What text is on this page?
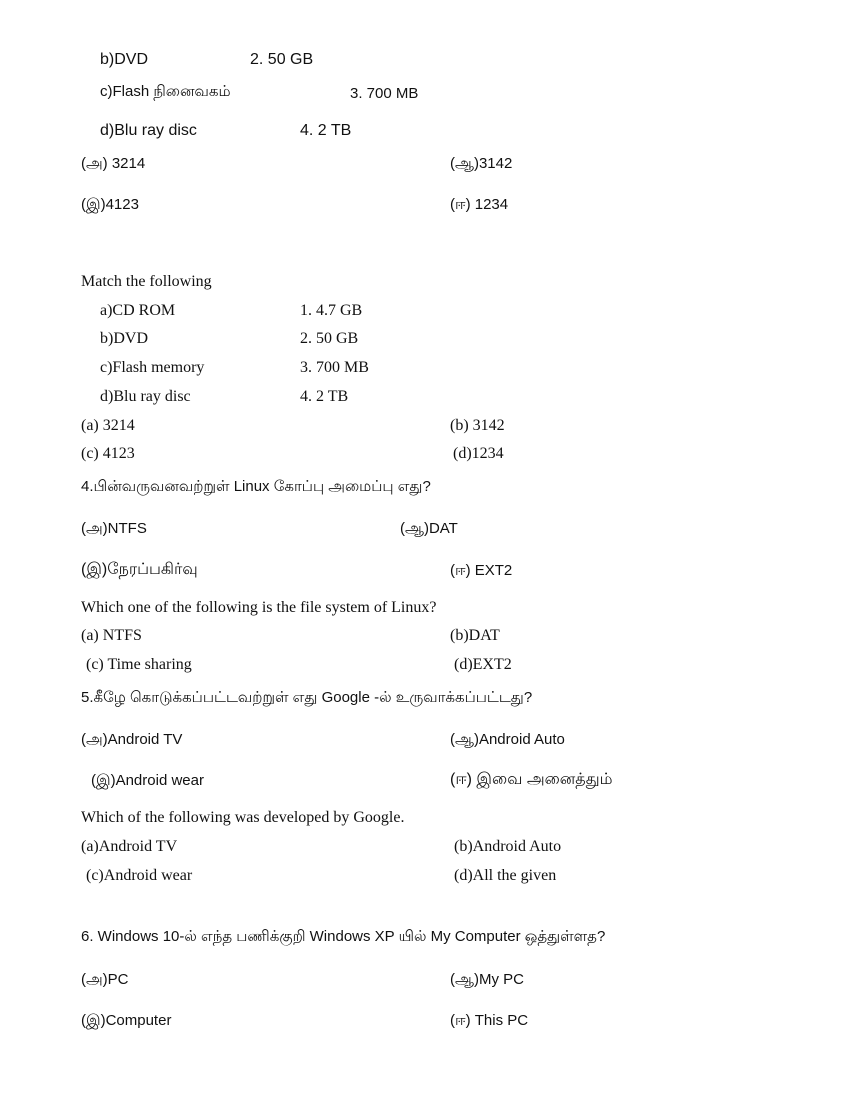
b)DVD	2. 50 GB
c)Flash நினைவகம்	3. 700 MB
d)Blu ray disc	4. 2 TB
(அ) 3214	(ஆ)3142
(இ)4123	(ஈ) 1234
Match the following
a)CD ROM	1. 4.7 GB
b)DVD	2. 50 GB
c)Flash memory	3. 700 MB
d)Blu ray disc	4. 2 TB
(a) 3214	(b) 3142
(c) 4123	(d)1234
4.பின்வருவனவற்றுள் Linux கோப்பு அமைப்பு எது?
(அ)NTFS	(ஆ)DAT
(இ)நேரப்பகிர்வு	(ஈ) EXT2
Which one of the following is the file system of Linux?
(a) NTFS	(b)DAT
(c) Time sharing	(d)EXT2
5.கீழே கொடுக்கப்பட்டவற்றுள் எது Google -ல் உருவாக்கப்பட்டது?
(அ)Android TV	(ஆ)Android Auto
(இ)Android wear	(ஈ) இவை அனைத்தும்
Which of the following was developed by Google.
(a)Android TV	(b)Android Auto
(c)Android wear	(d)All the given
6. Windows 10-ல் எந்த பணிக்குறி Windows XP யில் My Computer ஒத்துள்ளத?
(அ)PC	(ஆ)My PC
(இ)Computer	(ஈ) This PC
